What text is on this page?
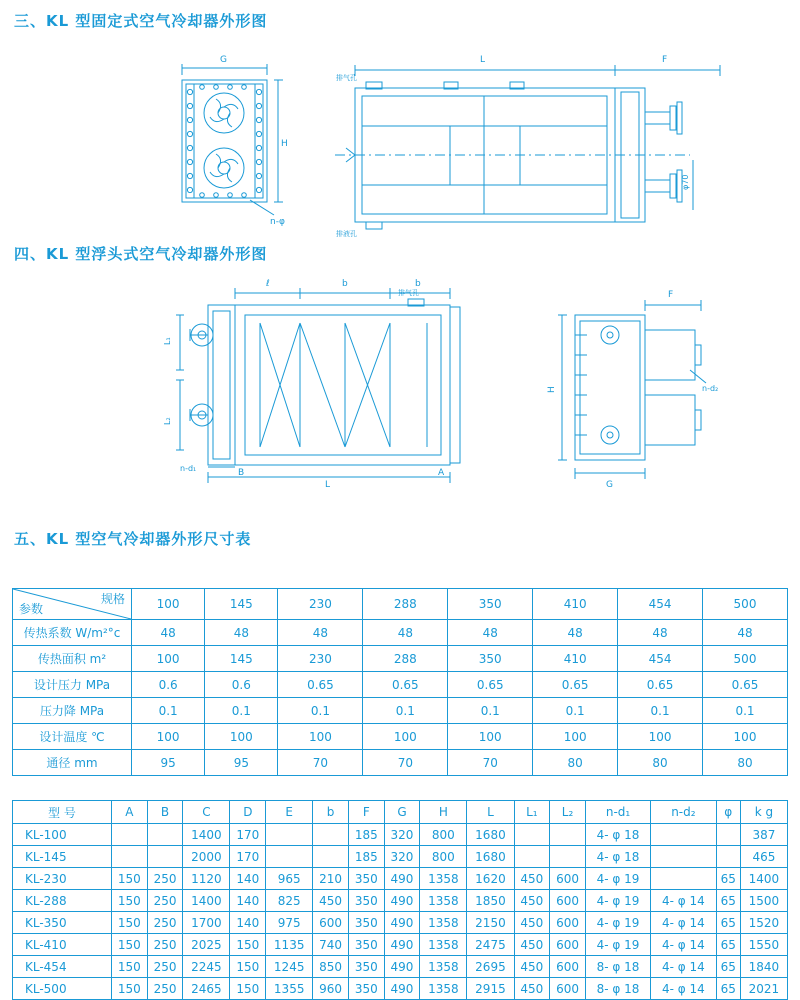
三、KL 型固定式空气冷却器外形图
四、KL 型浮头式空气冷却器外形图
五、KL 型空气冷却器外形尺寸表
G
H
n-φ
L	F
排气孔
排液孔
φ70
ℓ	b	b
排气孔
L₁
L₂
n-d₁	B
L
A
F
H
G
n-d₂
参数
规格	100	145	230	288	350	410	454	500
传热系数 W/m²°c	48	48	48	48	48	48	48	48
传热面积 m²	100	145	230	288	350	410	454	500
设计压力 MPa	0.6	0.6	0.65	0.65	0.65	0.65	0.65	0.65
压力降 MPa	0.1	0.1	0.1	0.1	0.1	0.1	0.1	0.1
设计温度 ℃	100	100	100	100	100	100	100	100
通径 mm	95	95	70	70	70	80	80	80
型 号	A	B	C	D	E	b	F	G	H	L	L₁	L₂	n-d₁	n-d₂	φ	k g
KL-100			1400	170			185	320	800	1680			4- φ 18			387
KL-145			2000	170			185	320	800	1680			4- φ 18			465
KL-230	150	250	1120	140	965	210	350	490	1358	1620	450	600	4- φ 19		65	1400
KL-288	150	250	1400	140	825	450	350	490	1358	1850	450	600	4- φ 19	4- φ 14	65	1500
KL-350	150	250	1700	140	975	600	350	490	1358	2150	450	600	4- φ 19	4- φ 14	65	1520
KL-410	150	250	2025	150	1135	740	350	490	1358	2475	450	600	4- φ 19	4- φ 14	65	1550
KL-454	150	250	2245	150	1245	850	350	490	1358	2695	450	600	8- φ 18	4- φ 14	65	1840
KL-500	150	250	2465	150	1355	960	350	490	1358	2915	450	600	8- φ 18	4- φ 14	65	2021
